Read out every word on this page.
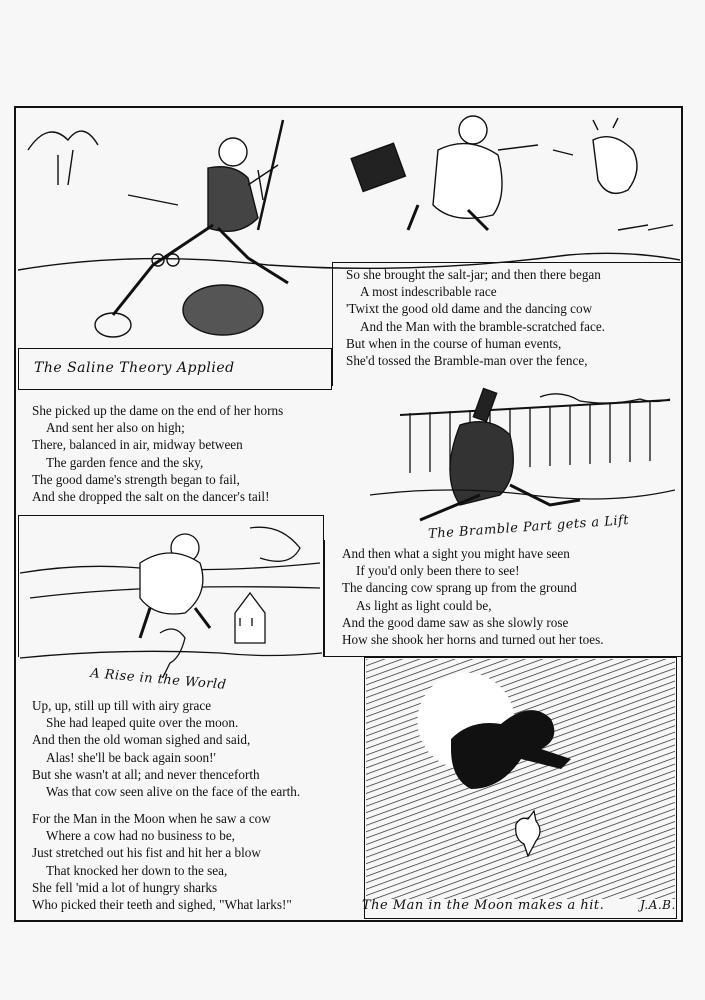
The Saline Theory Applied
So she brought the salt-jar; and then there began
A most indescribable race
'Twixt the good old dame and the dancing cow
And the Man with the bramble-scratched face.
But when in the course of human events,
She'd tossed the Bramble-man over the fence,
She picked up the dame on the end of her horns
And sent her also on high;
There, balanced in air, midway between
The garden fence and the sky,
The good dame's strength began to fail,
And she dropped the salt on the dancer's tail!
The Bramble Part gets a Lift
A Rise in the World
And then what a sight you might have seen
If you'd only been there to see!
The dancing cow sprang up from the ground
As light as light could be,
And the good dame saw as she slowly rose
How she shook her horns and turned out her toes.
The Man in the Moon makes a hit.	J.A.B.
Up, up, still up till with airy grace
She had leaped quite over the moon.
And then the old woman sighed and said,
Alas! she'll be back again soon!'
But she wasn't at all; and never thenceforth
Was that cow seen alive on the face of the earth.
For the Man in the Moon when he saw a cow
Where a cow had no business to be,
Just stretched out his fist and hit her a blow
That knocked her down to the sea,
She fell 'mid a lot of hungry sharks
Who picked their teeth and sighed, "What larks!"
